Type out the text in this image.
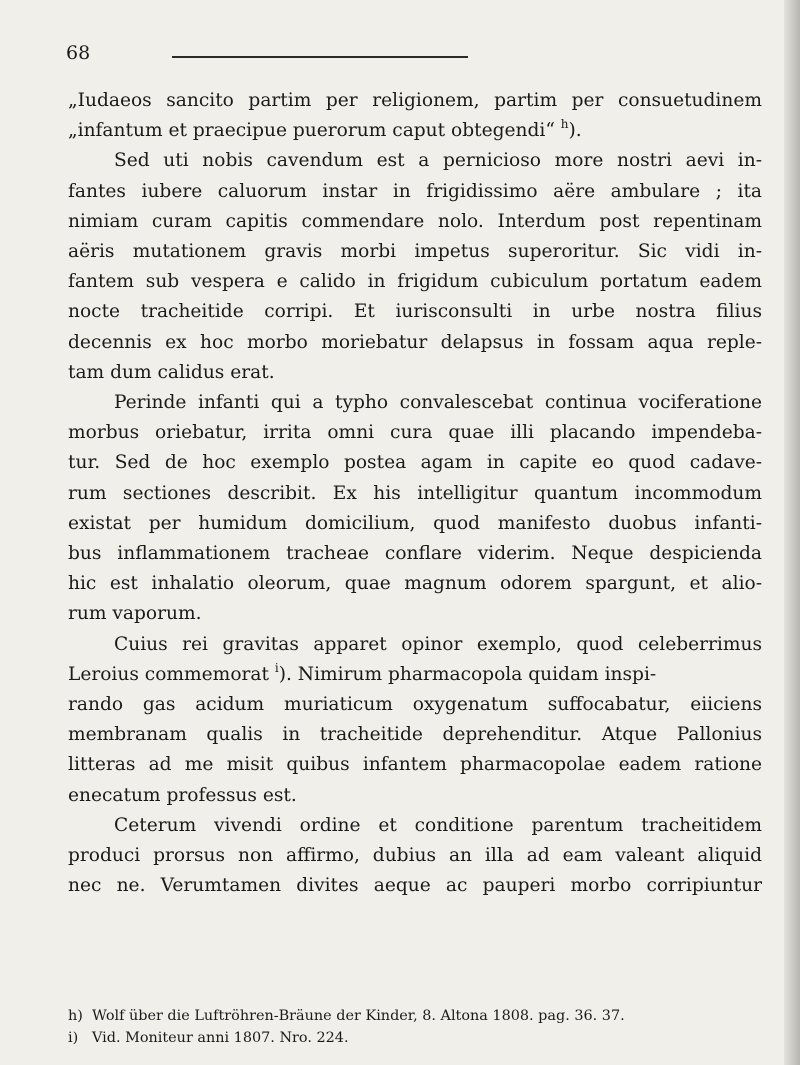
68
„Iudaeos sancito partim per religionem, partim per consuetudinem
„infantum et praecipue puerorum caput obtegendi“ $^h$).
Sed uti nobis cavendum est a pernicioso more nostri aevi in-
fantes iubere caluorum instar in frigidissimo aëre ambulare ; ita
nimiam curam capitis commendare nolo. Interdum post repentinam
aëris mutationem gravis morbi impetus superoritur. Sic vidi in-
fantem sub vespera e calido in frigidum cubiculum portatum eadem
nocte tracheitide corripi. Et iurisconsulti in urbe nostra filius
decennis ex hoc morbo moriebatur delapsus in fossam aqua reple-
tam dum calidus erat.
Perinde infanti qui a typho convalescebat continua vociferatione
morbus oriebatur, irrita omni cura quae illi placando impendeba-
tur. Sed de hoc exemplo postea agam in capite eo quod cadave-
rum sectiones describit. Ex his intelligitur quantum incommodum
existat per humidum domicilium, quod manifesto duobus infanti-
bus inflammationem tracheae conflare viderim. Neque despicienda
hic est inhalatio oleorum, quae magnum odorem spargunt, et alio-
rum vaporum.
Cuius rei gravitas apparet opinor exemplo, quod celeberrimus
Leroius commemorat $^i$). Nimirum pharmacopola quidam inspi-
rando gas acidum muriaticum oxygenatum suffocabatur, eiiciens
membranam qualis in tracheitide deprehenditur. Atque Pallonius
litteras ad me misit quibus infantem pharmacopolae eadem ratione
enecatum professus est.
Ceterum vivendi ordine et conditione parentum tracheitidem
produci prorsus non affirmo, dubius an illa ad eam valeant aliquid
nec ne. Verumtamen divites aeque ac pauperi morbo corripiuntur
h) Wolf über die Luftröhren-Bräune der Kinder, 8. Altona 1808. pag. 36. 37.
i) Vid. Moniteur anni 1807. Nro. 224.
